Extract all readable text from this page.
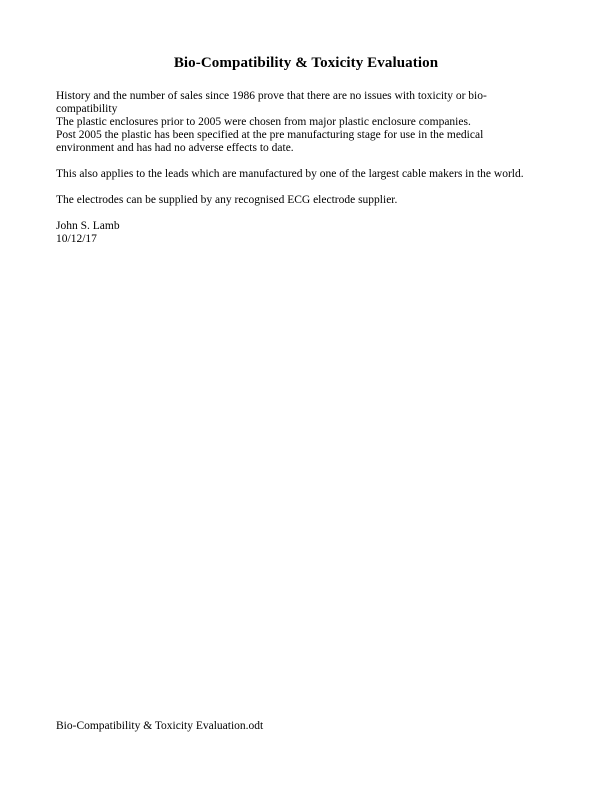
Bio-Compatibility & Toxicity Evaluation
History and the number of sales since 1986 prove that there are no issues with toxicity or bio-
compatibility
The plastic enclosures prior to 2005 were chosen from major plastic enclosure companies.
Post 2005 the plastic has been specified at the pre manufacturing stage for use in the medical
environment and has had no adverse effects to date.
This also applies to the leads which are manufactured by one of the largest cable makers in the world.
The electrodes can be supplied by any recognised ECG electrode supplier.
John S. Lamb
10/12/17
Bio-Compatibility & Toxicity Evaluation.odt
